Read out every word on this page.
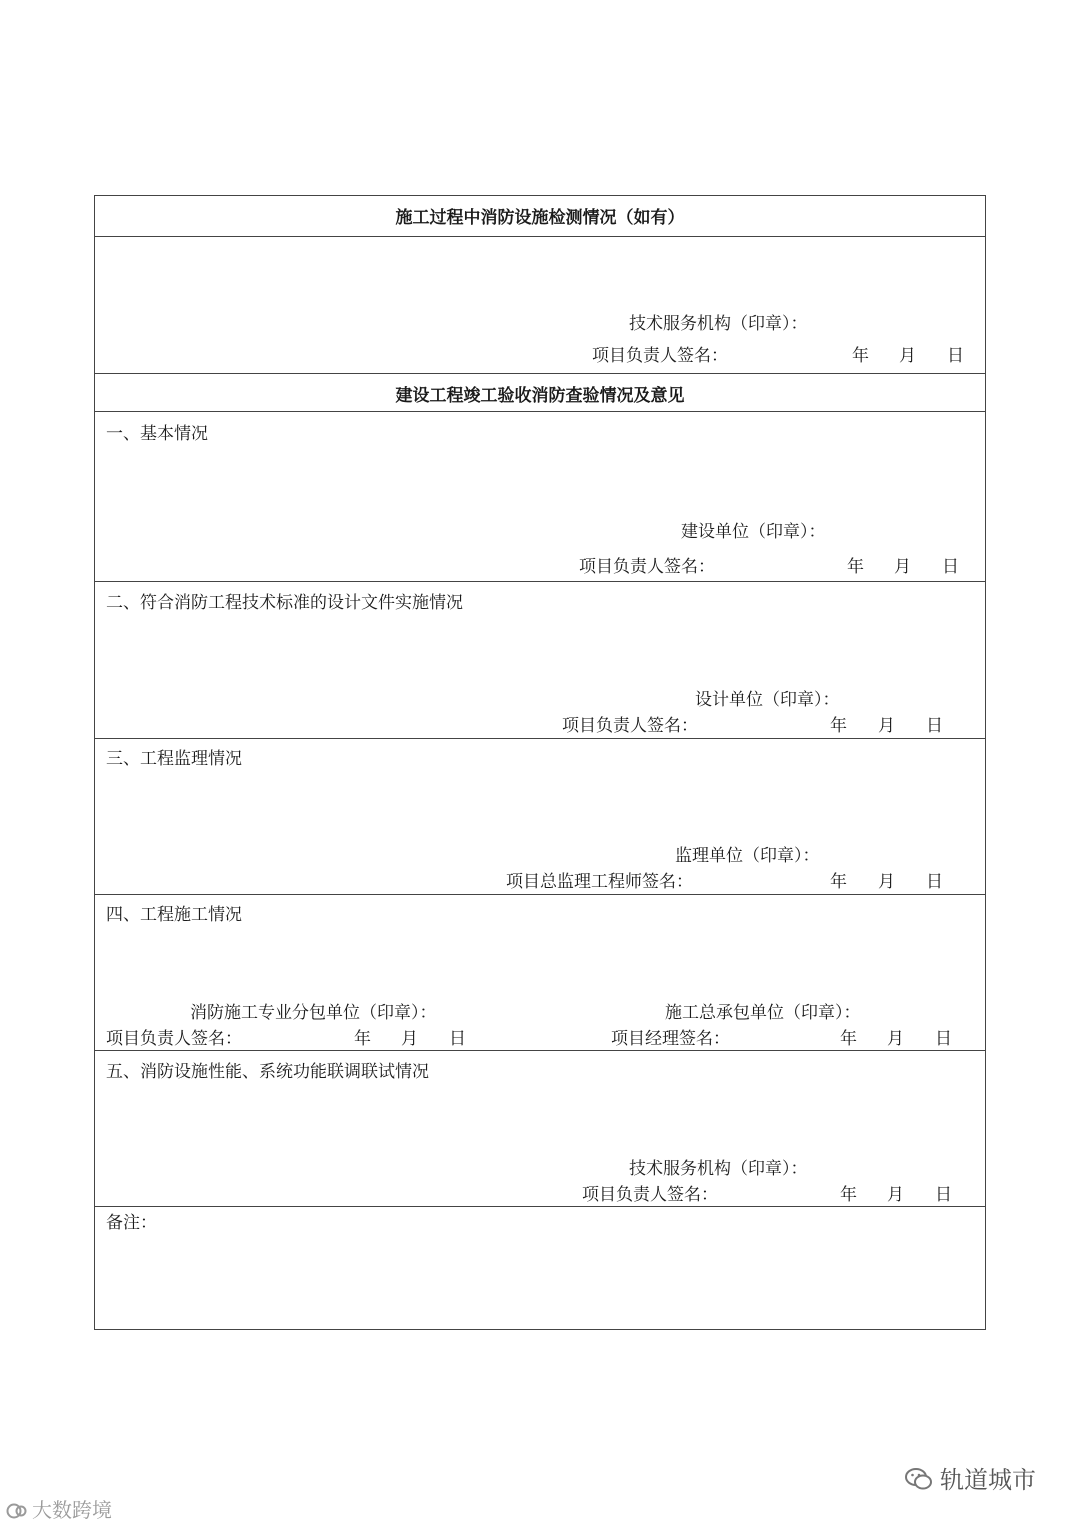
施工过程中消防设施检测情况（如有）
技术服务机构（印章）：
项目负责人签名：	年 月 日
建设工程竣工验收消防查验情况及意见
一、基本情况
建设单位（印章）：
项目负责人签名：	年 月 日
二、符合消防工程技术标准的设计文件实施情况
设计单位（印章）：
项目负责人签名：	年 月 日
三、工程监理情况
监理单位（印章）：
项目总监理工程师签名：	年 月 日
四、工程施工情况
消防施工专业分包单位（印章）：
项目负责人签名：	年 月 日
施工总承包单位（印章）：
项目经理签名：	年 月 日
五、消防设施性能、系统功能联调联试情况
技术服务机构（印章）：
项目负责人签名：	年 月 日
备注：
大数跨境
轨道城市
